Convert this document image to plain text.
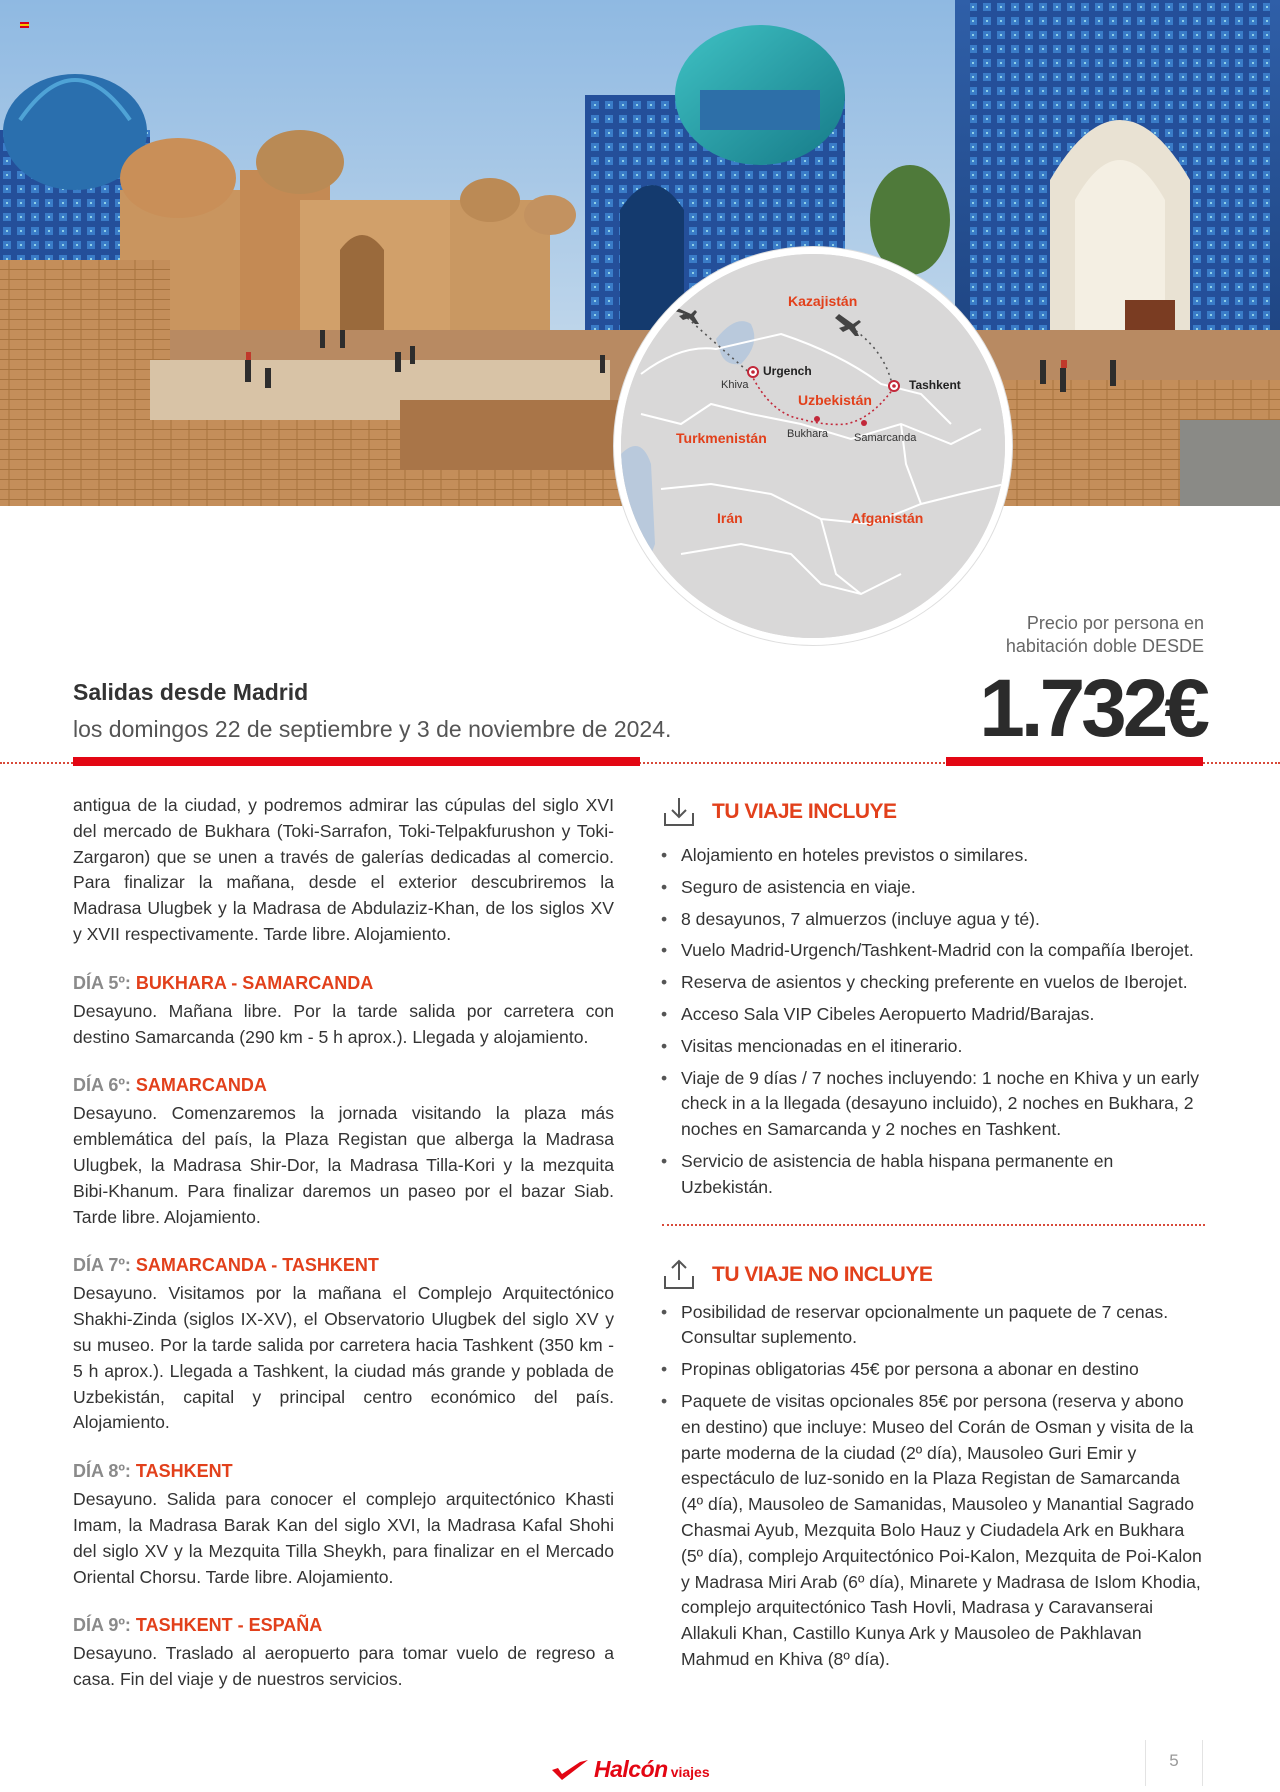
Kazajistán
Uzbekistán
Turkmenistán
Irán	Afganistán
Khiva
Urgench
Bukhara Samarcanda
Tashkent
Salidas desde Madrid
los domingos 22 de septiembre y 3 de noviembre de 2024.
Precio por persona en
habitación doble DESDE
1.732€

antigua de la ciudad, y podremos admirar las cúpulas del siglo XVI del mercado de Bukhara (Toki-Sarrafon, Toki-Telpakfurushon y Toki-Zargaron) que se unen a través de galerías dedicadas al comercio. Para finalizar la mañana, desde el exterior descubriremos la Madrasa Ulugbek y la Madrasa de Abdulaziz-Khan, de los siglos XV y XVII respectivamente. Tarde libre. Alojamiento.

DÍA 5º: BUKHARA - SAMARCANDA

Desayuno. Mañana libre. Por la tarde salida por carretera con destino Samarcanda (290 km - 5 h aprox.). Llegada y alojamiento.

DÍA 6º: SAMARCANDA

Desayuno. Comenzaremos la jornada visitando la plaza más emblemática del país, la Plaza Registan que alberga la Madrasa Ulugbek, la Madrasa Shir-Dor, la Madrasa Tilla-Kori y la mezquita Bibi-Khanum. Para finalizar daremos un paseo por el bazar Siab. Tarde libre. Alojamiento.

DÍA 7º: SAMARCANDA - TASHKENT

Desayuno. Visitamos por la mañana el Complejo Arquitectónico Shakhi-Zinda (siglos IX-XV), el Observatorio Ulugbek del siglo XV y su museo. Por la tarde salida por carretera hacia Tashkent (350 km - 5 h aprox.). Llegada a Tashkent, la ciudad más grande y poblada de Uzbekistán, capital y principal centro económico del país. Alojamiento.

DÍA 8º: TASHKENT

Desayuno. Salida para conocer el complejo arquitectónico Khasti Imam, la Madrasa Barak Kan del siglo XVI, la Madrasa Kafal Shohi del siglo XV y la Mezquita Tilla Sheykh, para finalizar en el Mercado Oriental Chorsu. Tarde libre. Alojamiento.

DÍA 9º: TASHKENT - ESPAÑA

Desayuno. Traslado al aeropuerto para tomar vuelo de regreso a casa. Fin del viaje y de nuestros servicios.

TU VIAJE INCLUYE
• Alojamiento en hoteles previstos o similares.
• Seguro de asistencia en viaje.
• 8 desayunos, 7 almuerzos (incluye agua y té).
• Vuelo Madrid-Urgench/Tashkent-Madrid con la compañía Iberojet.
• Reserva de asientos y checking preferente en vuelos de Iberojet.
• Acceso Sala VIP Cibeles Aeropuerto Madrid/Barajas.
• Visitas mencionadas en el itinerario.
• Viaje de 9 días / 7 noches incluyendo: 1 noche en Khiva y un early check in a la llegada (desayuno incluido), 2 noches en Bukhara, 2 noches en Samarcanda y 2 noches en Tashkent.
• Servicio de asistencia de habla hispana permanente en Uzbekistán.
TU VIAJE NO INCLUYE
• Posibilidad de reservar opcionalmente un paquete de 7 cenas. Consultar suplemento.
• Propinas obligatorias 45€ por persona a abonar en destino
• Paquete de visitas opcionales 85€ por persona (reserva y abono en destino) que incluye: Museo del Corán de Osman y visita de la parte moderna de la ciudad (2º día), Mausoleo Guri Emir y espectáculo de luz-sonido en la Plaza Registan de Samarcanda (4º día), Mausoleo de Samanidas, Mausoleo y Manantial Sagrado Chasmai Ayub, Mezquita Bolo Hauz y Ciudadela Ark en Bukhara (5º día), complejo Arquitectónico Poi-Kalon, Mezquita de Poi-Kalon y Madrasa Miri Arab (6º día), Minarete y Madrasa de Islom Khodia, complejo arquitectónico Tash Hovli, Madrasa y Caravanserai Allakuli Khan, Castillo Kunya Ark y Mausoleo de Pakhlavan Mahmud en Khiva (8º día).
Halcón viajes
5
